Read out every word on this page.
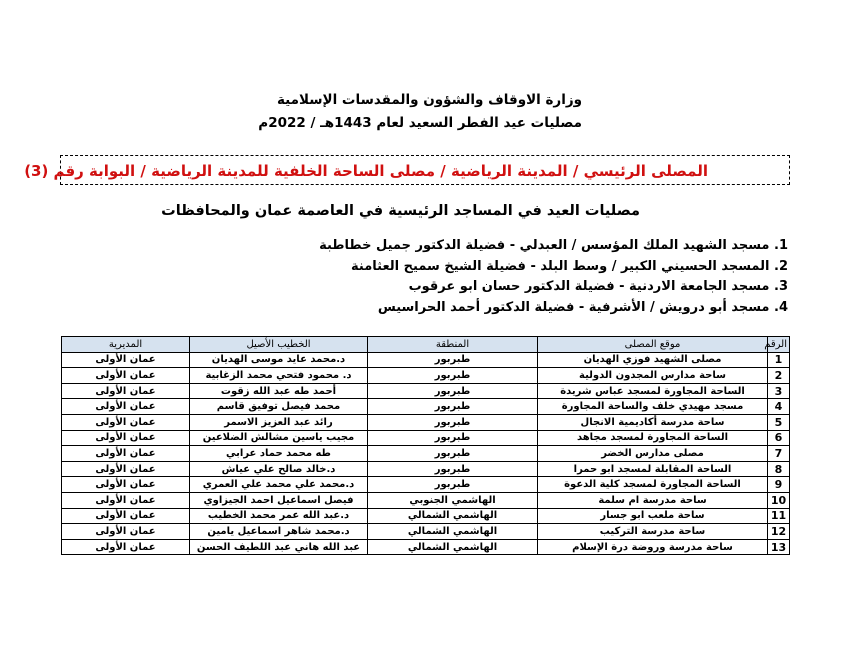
وزارة الاوقاف والشؤون والمقدسات الإسلامية
مصليات عيد الفطر السعيد لعام 1443هـ / 2022م
المصلى الرئيسي / المدينة الرياضية / مصلى الساحة الخلفية للمدينة الرياضية / البوابة رقم (3)
مصليات العيد في المساجد الرئيسية في العاصمة عمان والمحافظات
1. مسجد الشهيد الملك المؤسس / العبدلي - فضيلة الدكتور جميل خطاطبة
2. المسجد الحسيني الكبير / وسط البلد - فضيلة الشيخ سميح العثامنة
3. مسجد الجامعة الاردنية - فضيلة الدكتور حسان ابو عرقوب
4. مسجد أبو درويش / الأشرفية - فضيلة الدكتور أحمد الحراسيس
الرقم	موقع المصلى	المنطقة	الخطيب الأصيل	المديرية
1	مصلى الشهيد فوزي الهديان	طبربور	د.محمد عايد موسى الهديان	عمان الأولى
2	ساحة مدارس المجدون الدولية	طبربور	د. محمود فتحي محمد الزغابية	عمان الأولى
3	الساحة المجاورة لمسجد عباس شريدة	طبربور	أحمد طه عبد الله زقوت	عمان الأولى
4	مسجد مهيدي خلف والساحة المجاورة	طبربور	محمد فيصل توفيق قاسم	عمان الأولى
5	ساحة مدرسة أكاديمية الانجال	طبربور	رائد عبد العزيز الاسمر	عمان الأولى
6	الساحة المجاورة لمسجد مجاهد	طبربور	مجيب ياسين مشالش الضلاعين	عمان الأولى
7	مصلى مدارس الخضر	طبربور	طه محمد حماد عرابي	عمان الأولى
8	الساحة المقابلة لمسجد ابو حمرا	طبربور	د.خالد صالح علي عياش	عمان الأولى
9	الساحة المجاورة لمسجد كلية الدعوة	طبربور	د.محمد علي محمد علي العمري	عمان الأولى
10	ساحة مدرسة ام سلمة	الهاشمي الجنوبي	فيصل اسماعيل احمد الجيزاوي	عمان الأولى
11	ساحة ملعب ابو جسار	الهاشمي الشمالي	د.عبد الله عمر محمد الخطيب	عمان الأولى
12	ساحة مدرسة التركيب	الهاشمي الشمالي	د.محمد شاهر اسماعيل يامين	عمان الأولى
13	ساحة مدرسة وروضة درة الإسلام	الهاشمي الشمالي	عبد الله هاني عبد اللطيف الحسن	عمان الأولى
